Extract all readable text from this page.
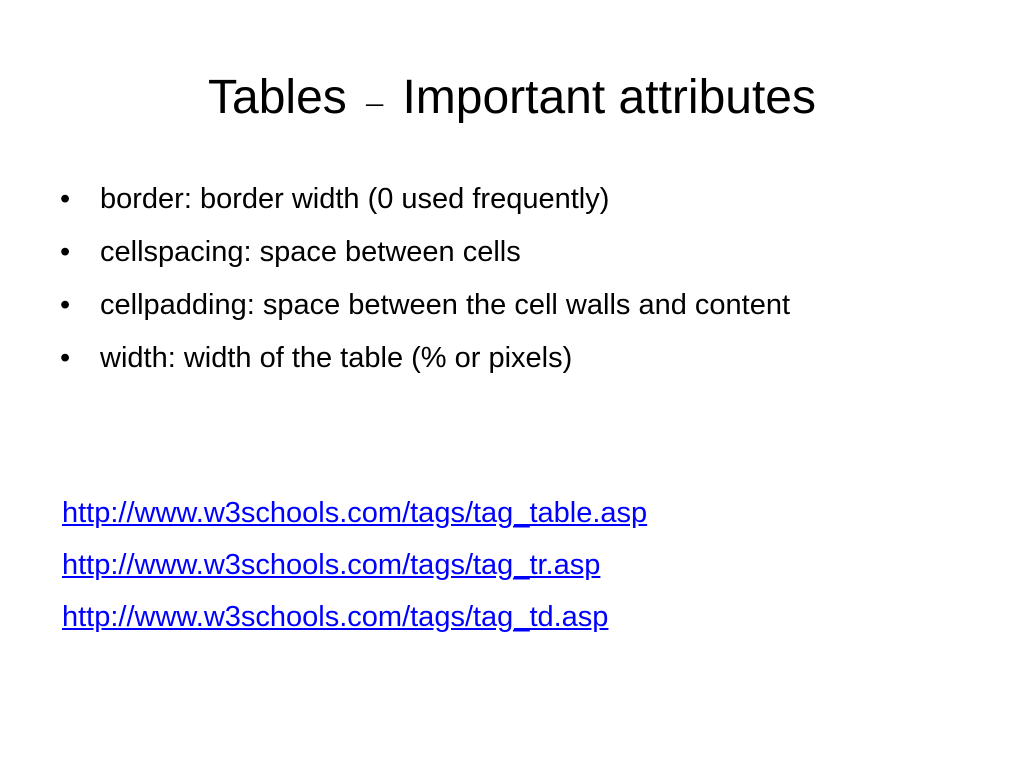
Tables – Important attributes
•	border: border width (0 used frequently)
•	cellspacing: space between cells
•	cellpadding: space between the cell walls and content
•	width: width of the table (% or pixels)
http://www.w3schools.com/tags/tag_table.asp
http://www.w3schools.com/tags/tag_tr.asp
http://www.w3schools.com/tags/tag_td.asp
